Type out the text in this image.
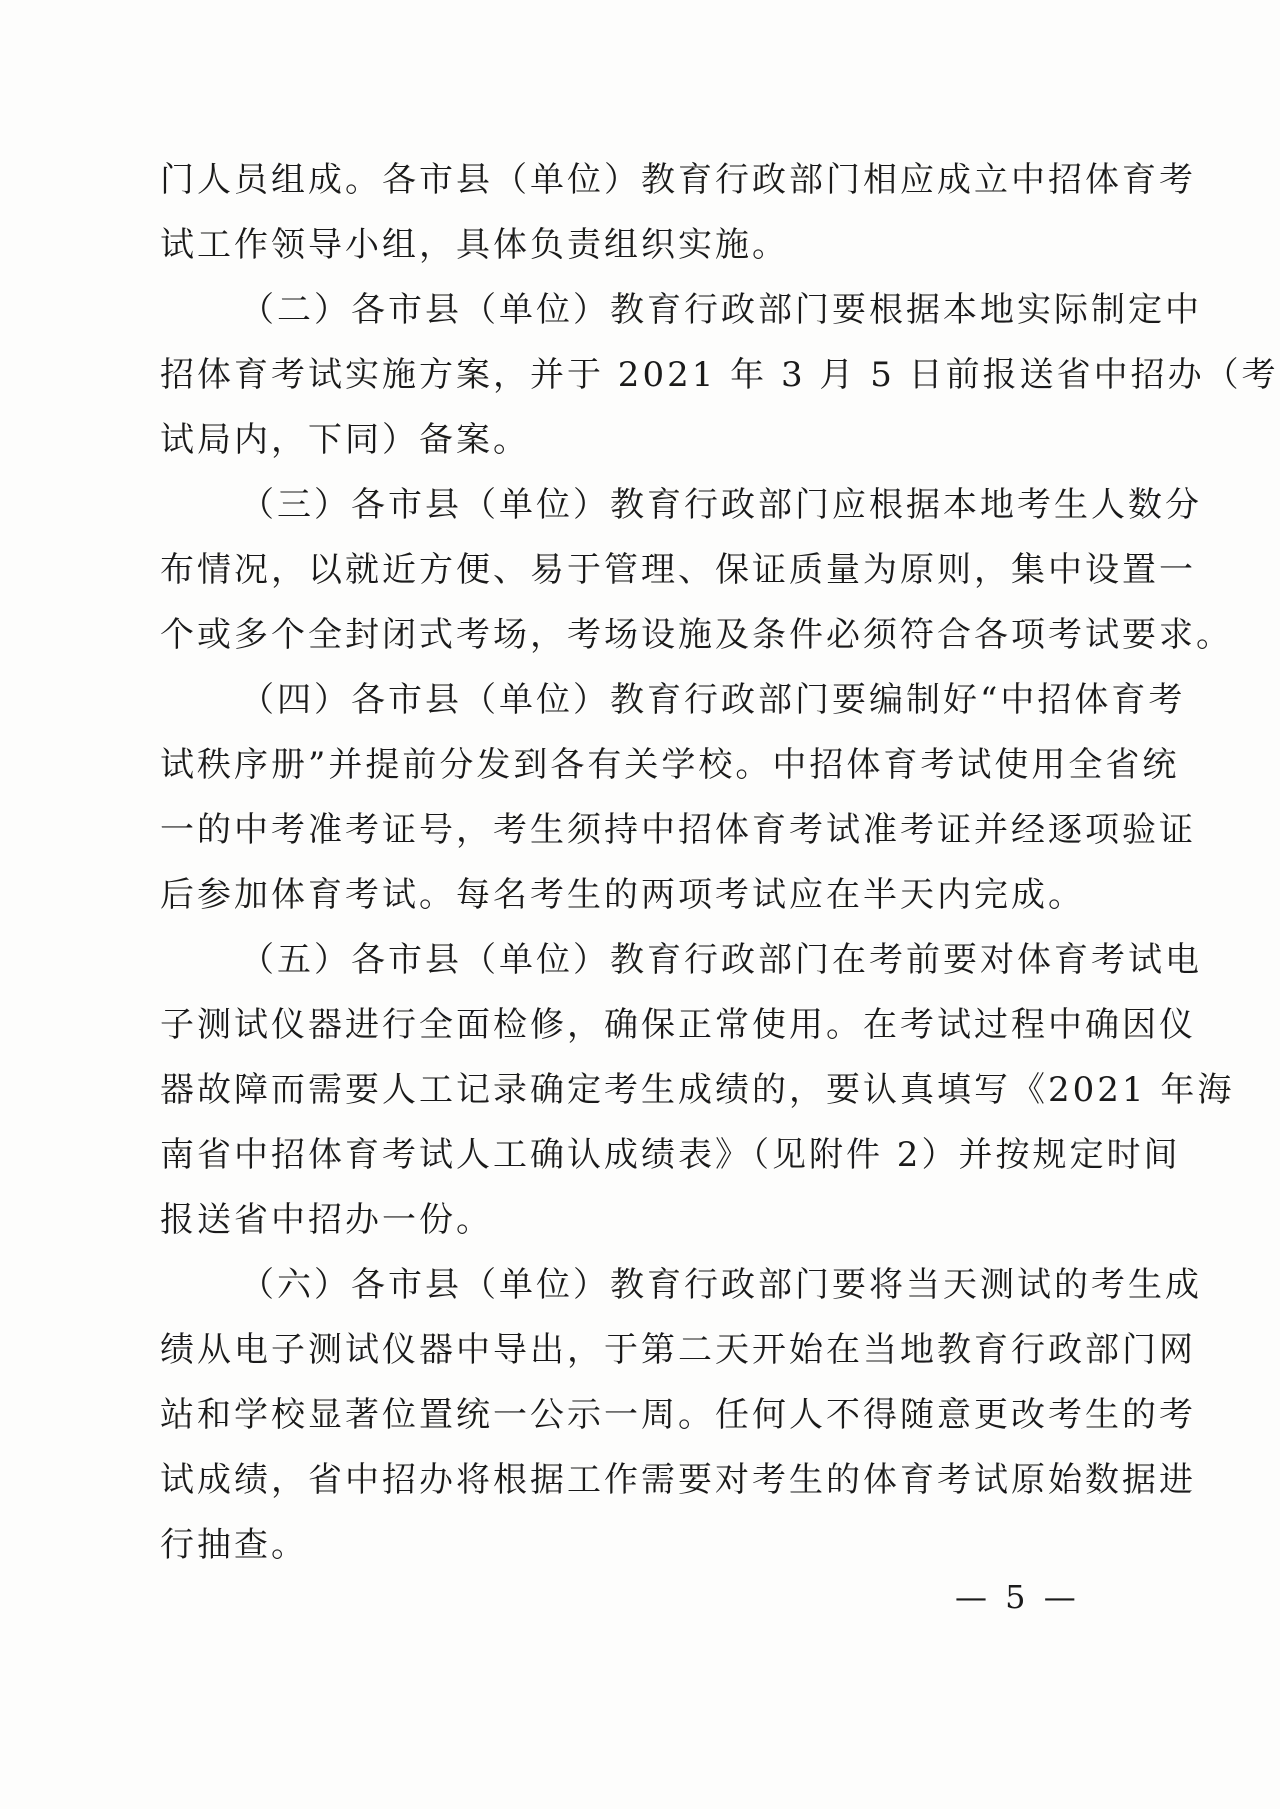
门人员组成。各市县（单位）教育行政部门相应成立中招体育考
试工作领导小组，具体负责组织实施。
（二）各市县（单位）教育行政部门要根据本地实际制定中
招体育考试实施方案，并于 2021 年 3 月 5 日前报送省中招办（考
试局内，下同）备案。
（三）各市县（单位）教育行政部门应根据本地考生人数分
布情况，以就近方便、易于管理、保证质量为原则，集中设置一
个或多个全封闭式考场，考场设施及条件必须符合各项考试要求。
（四）各市县（单位）教育行政部门要编制好“中招体育考
试秩序册”并提前分发到各有关学校。中招体育考试使用全省统
一的中考准考证号，考生须持中招体育考试准考证并经逐项验证
后参加体育考试。每名考生的两项考试应在半天内完成。
（五）各市县（单位）教育行政部门在考前要对体育考试电
子测试仪器进行全面检修，确保正常使用。在考试过程中确因仪
器故障而需要人工记录确定考生成绩的，要认真填写《2021 年海
南省中招体育考试人工确认成绩表》（见附件 2）并按规定时间
报送省中招办一份。
（六）各市县（单位）教育行政部门要将当天测试的考生成
绩从电子测试仪器中导出，于第二天开始在当地教育行政部门网
站和学校显著位置统一公示一周。任何人不得随意更改考生的考
试成绩，省中招办将根据工作需要对考生的体育考试原始数据进
行抽查。
— 5 —
